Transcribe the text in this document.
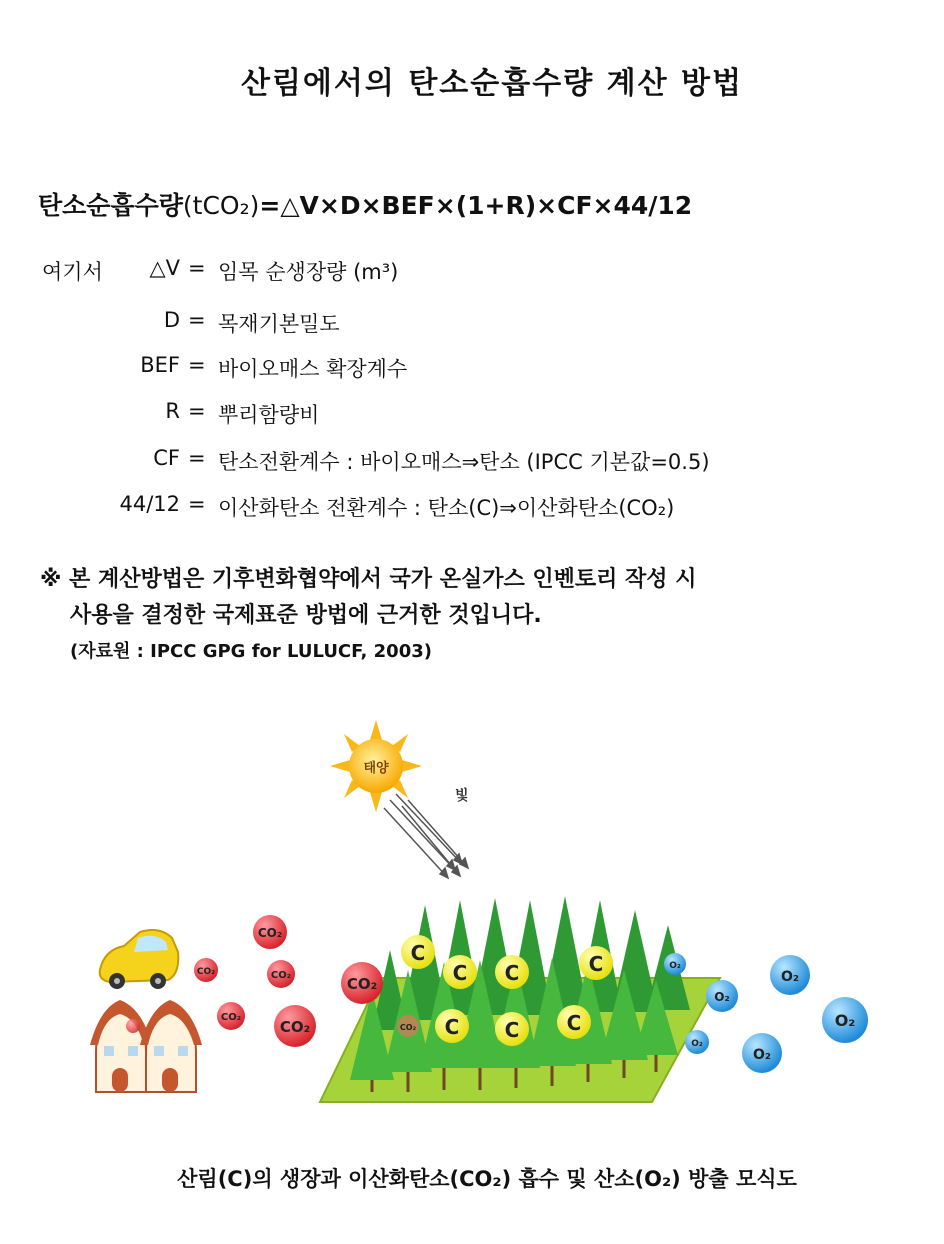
산림에서의 탄소순흡수량 계산 방법
탄소순흡수량(tCO₂)=△V×D×BEF×(1+R)×CF×44/12
여기서 △V = 임목 순생장량 (m³)
D = 목재기본밀도
BEF = 바이오매스 확장계수
R = 뿌리함량비
CF = 탄소전환계수 : 바이오매스⇒탄소 (IPCC 기본값=0.5)
44/12 = 이산화탄소 전환계수 : 탄소(C)⇒이산화탄소(CO₂)
※ 본 계산방법은 기후변화협약에서 국가 온실가스 인벤토리 작성 시
사용을 결정한 국제표준 방법에 근거한 것입니다.
(자료원 : IPCC GPG for LULUCF, 2003)
태양
빛
C
C C	C
C C C
CO₂
CO₂	CO₂
CO₂
CO₂
CO₂
CO₂
O₂
O₂
O₂
O₂
O₂
O₂
산림(C)의 생장과 이산화탄소(CO₂) 흡수 및 산소(O₂) 방출 모식도
